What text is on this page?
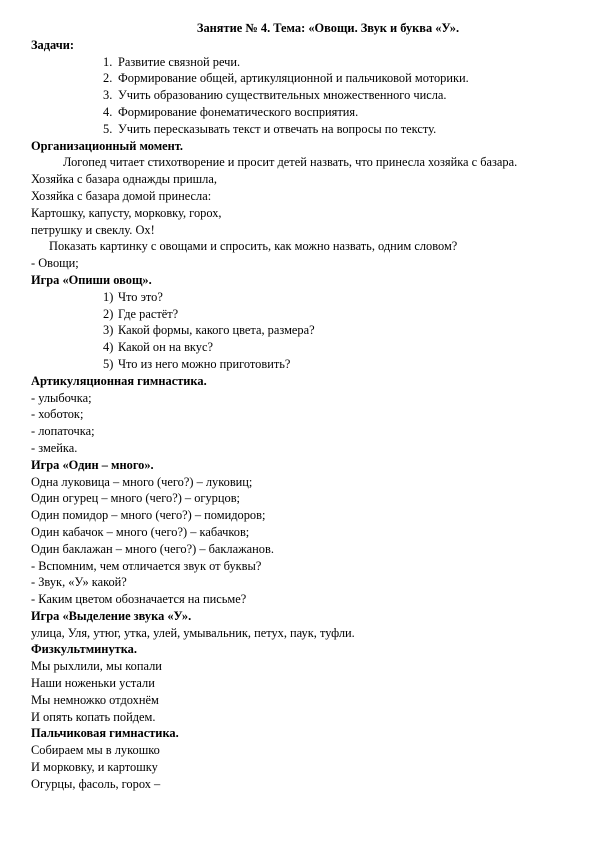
Занятие № 4. Тема: «Овощи. Звук и буква «У».
Задачи:
1. Развитие связной речи.
2. Формирование общей, артикуляционной и пальчиковой моторики.
3. Учить образованию существительных множественного числа.
4. Формирование фонематического восприятия.
5. Учить пересказывать текст и отвечать на вопросы по тексту.
Организационный момент.
Логопед читает стихотворение и просит детей назвать, что принесла хозяйка с базара.
Хозяйка с базара однажды пришла,
Хозяйка с базара домой принесла:
Картошку, капусту, морковку, горох,
петрушку и свеклу. Ох!
Показать картинку с овощами и спросить, как можно назвать, одним словом?
- Овощи;
Игра «Опиши овощ».
1) Что это?
2) Где растёт?
3) Какой формы, какого цвета, размера?
4) Какой он на вкус?
5) Что из него можно приготовить?
Артикуляционная гимнастика.
- улыбочка;
- хоботок;
- лопаточка;
- змейка.
Игра «Один – много».
Одна луковица – много (чего?) – луковиц;
Один огурец – много (чего?) – огурцов;
Один помидор – много (чего?) – помидоров;
Один кабачок – много (чего?) – кабачков;
Один баклажан – много (чего?) – баклажанов.
- Вспомним, чем отличается звук от буквы?
- Звук, «У» какой?
- Каким цветом обозначается на письме?
Игра «Выделение звука «У».
улица, Уля, утюг, утка, улей, умывальник, петух, паук, туфли.
Физкультминутка.
Мы рыхлили, мы копали
Наши ноженьки устали
Мы немножко отдохнём
И опять копать пойдем.
Пальчиковая гимнастика.
Собираем мы в лукошко
И морковку, и картошку
Огурцы, фасоль, горох –
